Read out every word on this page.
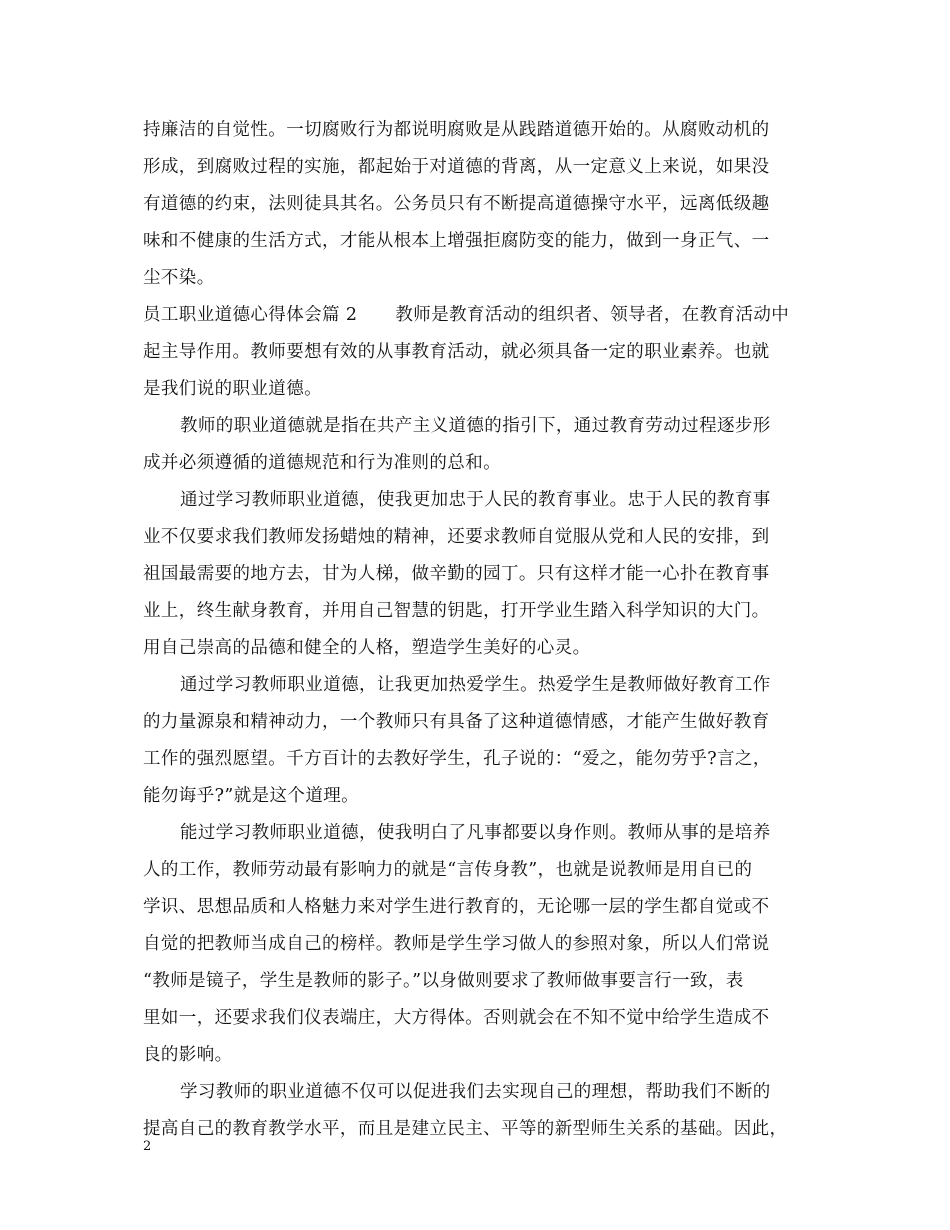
持廉洁的自觉性。一切腐败行为都说明腐败是从践踏道德开始的。从腐败动机的
形成，到腐败过程的实施，都起始于对道德的背离，从一定意义上来说，如果没
有道德的约束，法则徒具其名。公务员只有不断提高道德操守水平，远离低级趣
味和不健康的生活方式，才能从根本上增强拒腐防变的能力，做到一身正气、一
尘不染。
员工职业道德心得体会篇 2 教师是教育活动的组织者、领导者，在教育活动中
起主导作用。教师要想有效的从事教育活动，就必须具备一定的职业素养。也就
是我们说的职业道德。
教师的职业道德就是指在共产主义道德的指引下，通过教育劳动过程逐步形
成并必须遵循的道德规范和行为准则的总和。
通过学习教师职业道德，使我更加忠于人民的教育事业。忠于人民的教育事
业不仅要求我们教师发扬蜡烛的精神，还要求教师自觉服从党和人民的安排，到
祖国最需要的地方去，甘为人梯，做辛勤的园丁。只有这样才能一心扑在教育事
业上，终生献身教育，并用自己智慧的钥匙，打开学业生踏入科学知识的大门。
用自己崇高的品德和健全的人格，塑造学生美好的心灵。
通过学习教师职业道德，让我更加热爱学生。热爱学生是教师做好教育工作
的力量源泉和精神动力，一个教师只有具备了这种道德情感，才能产生做好教育
工作的强烈愿望。千方百计的去教好学生，孔子说的：“爱之，能勿劳乎?言之，
能勿诲乎?”就是这个道理。
能过学习教师职业道德，使我明白了凡事都要以身作则。教师从事的是培养
人的工作，教师劳动最有影响力的就是“言传身教”，也就是说教师是用自已的
学识、思想品质和人格魅力来对学生进行教育的，无论哪一层的学生都自觉或不
自觉的把教师当成自己的榜样。教师是学生学习做人的参照对象，所以人们常说
“教师是镜子，学生是教师的影子。”以身做则要求了教师做事要言行一致，表
里如一，还要求我们仪表端庄，大方得体。否则就会在不知不觉中给学生造成不
良的影响。
学习教师的职业道德不仅可以促进我们去实现自己的理想，帮助我们不断的
提高自己的教育教学水平，而且是建立民主、平等的新型师生关系的基础。因此，
2
